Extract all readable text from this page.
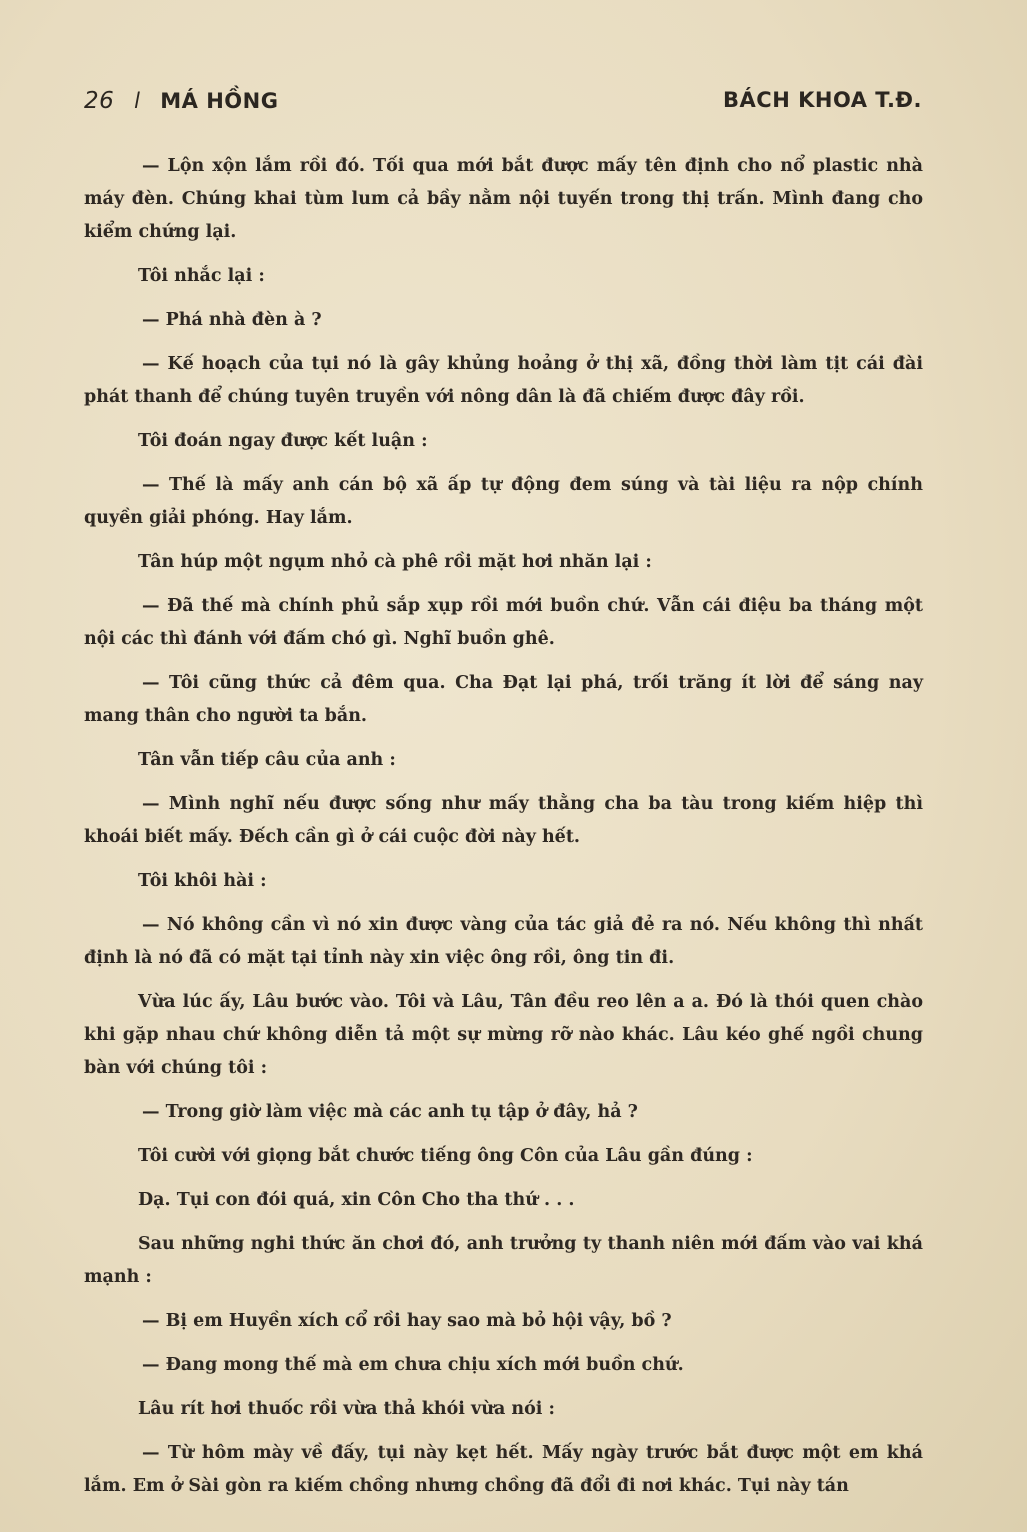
26 l MÁ HỒNG	BÁCH KHOA T.Đ.

— Lộn xộn lắm rồi đó. Tối qua mới bắt được mấy tên định cho nổ plastic nhà máy đèn. Chúng khai tùm lum cả bầy nằm nội tuyến trong thị trấn. Mình đang cho kiểm chứng lại.

Tôi nhắc lại :

— Phá nhà đèn à ?

— Kế hoạch của tụi nó là gây khủng hoảng ở thị xã, đồng thời làm tịt cái đài phát thanh để chúng tuyên truyền với nông dân là đã chiếm được đây rồi.

Tôi đoán ngay được kết luận :

— Thế là mấy anh cán bộ xã ấp tự động đem súng và tài liệu ra nộp chính quyền giải phóng. Hay lắm.

Tân húp một ngụm nhỏ cà phê rồi mặt hơi nhăn lại :

— Đã thế mà chính phủ sắp xụp rồi mới buồn chứ. Vẫn cái điệu ba tháng một nội các thì đánh với đấm chó gì. Nghĩ buồn ghê.

— Tôi cũng thức cả đêm qua. Cha Đạt lại phá, trối trăng ít lời để sáng nay mang thân cho người ta bắn.

Tân vẫn tiếp câu của anh :

— Mình nghĩ nếu được sống như mấy thằng cha ba tàu trong kiếm hiệp thì khoái biết mấy. Đếch cần gì ở cái cuộc đời này hết.

Tôi khôi hài :

— Nó không cần vì nó xin được vàng của tác giả đẻ ra nó. Nếu không thì nhất định là nó đã có mặt tại tỉnh này xin việc ông rồi, ông tin đi.

Vừa lúc ấy, Lâu bước vào. Tôi và Lâu, Tân đều reo lên a a. Đó là thói quen chào khi gặp nhau chứ không diễn tả một sự mừng rỡ nào khác. Lâu kéo ghế ngồi chung bàn với chúng tôi :

— Trong giờ làm việc mà các anh tụ tập ở đây, hả ?

Tôi cười với giọng bắt chước tiếng ông Côn của Lâu gần đúng :

Dạ. Tụi con đói quá, xin Côn Cho tha thứ . . .

Sau những nghi thức ăn chơi đó, anh trưởng ty thanh niên mới đấm vào vai khá mạnh :

— Bị em Huyền xích cổ rồi hay sao mà bỏ hội vậy, bồ ?

— Đang mong thế mà em chưa chịu xích mới buồn chứ.

Lâu rít hơi thuốc rồi vừa thả khói vừa nói :

— Từ hôm mày về đấy, tụi này kẹt hết. Mấy ngày trước bắt được một em khá lắm. Em ở Sài gòn ra kiếm chồng nhưng chồng đã đổi đi nơi khác. Tụi này tán
